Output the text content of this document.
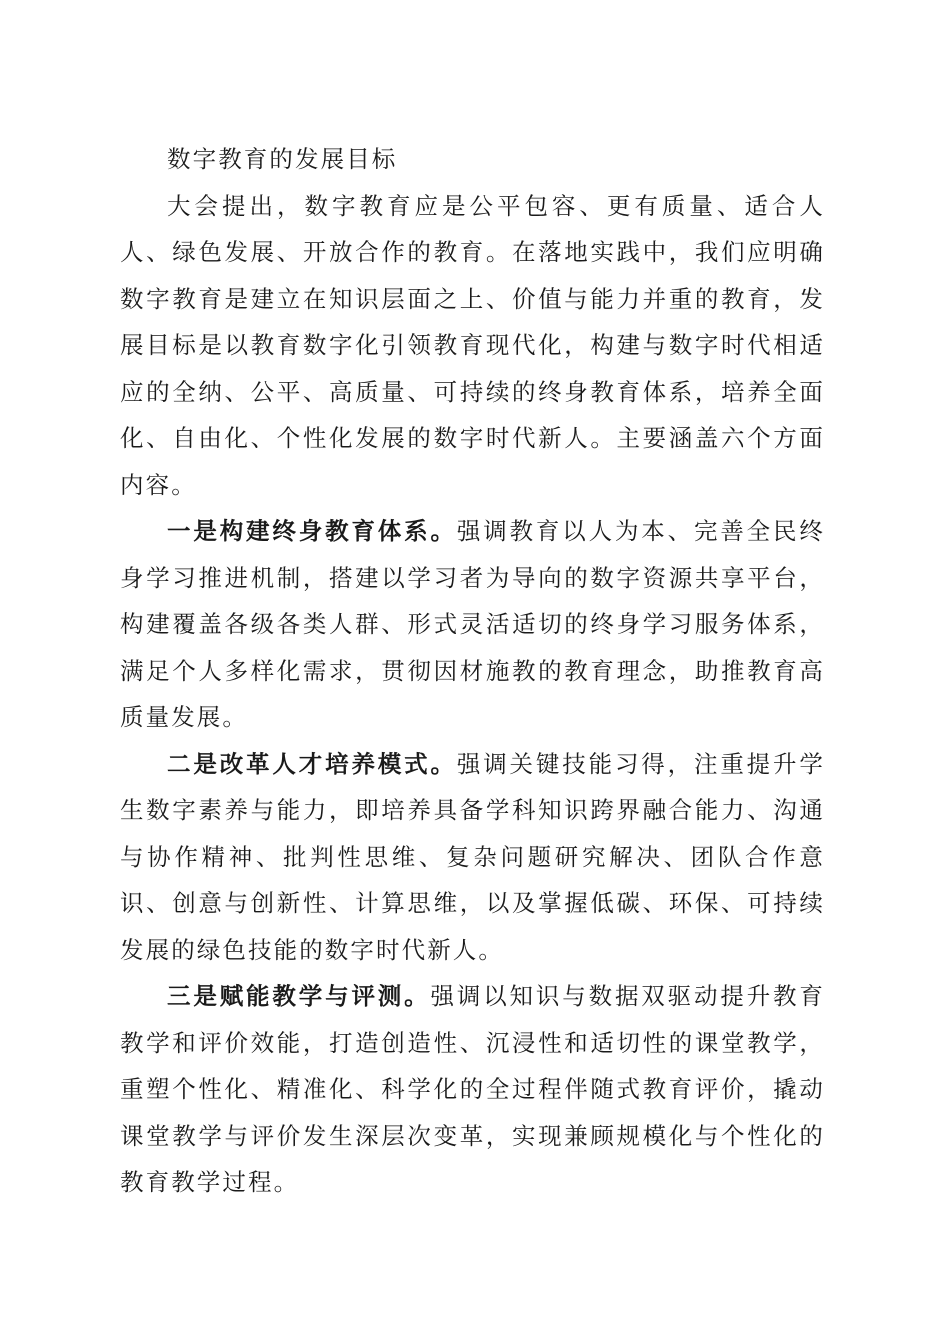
数字教育的发展目标

大会提出，数字教育应是公平包容、更有质量、适合人人、绿色发展、开放合作的教育。在落地实践中，我们应明确数字教育是建立在知识层面之上、价值与能力并重的教育，发展目标是以教育数字化引领教育现代化，构建与数字时代相适应的全纳、公平、高质量、可持续的终身教育体系，培养全面化、自由化、个性化发展的数字时代新人。主要涵盖六个方面内容。

一是构建终身教育体系。强调教育以人为本、完善全民终身学习推进机制，搭建以学习者为导向的数字资源共享平台，构建覆盖各级各类人群、形式灵活适切的终身学习服务体系，满足个人多样化需求，贯彻因材施教的教育理念，助推教育高质量发展。

二是改革人才培养模式。强调关键技能习得，注重提升学生数字素养与能力，即培养具备学科知识跨界融合能力、沟通与协作精神、批判性思维、复杂问题研究解决、团队合作意识、创意与创新性、计算思维，以及掌握低碳、环保、可持续发展的绿色技能的数字时代新人。

三是赋能教学与评测。强调以知识与数据双驱动提升教育教学和评价效能，打造创造性、沉浸性和适切性的课堂教学，重塑个性化、精准化、科学化的全过程伴随式教育评价，撬动课堂教学与评价发生深层次变革，实现兼顾规模化与个性化的教育教学过程。
